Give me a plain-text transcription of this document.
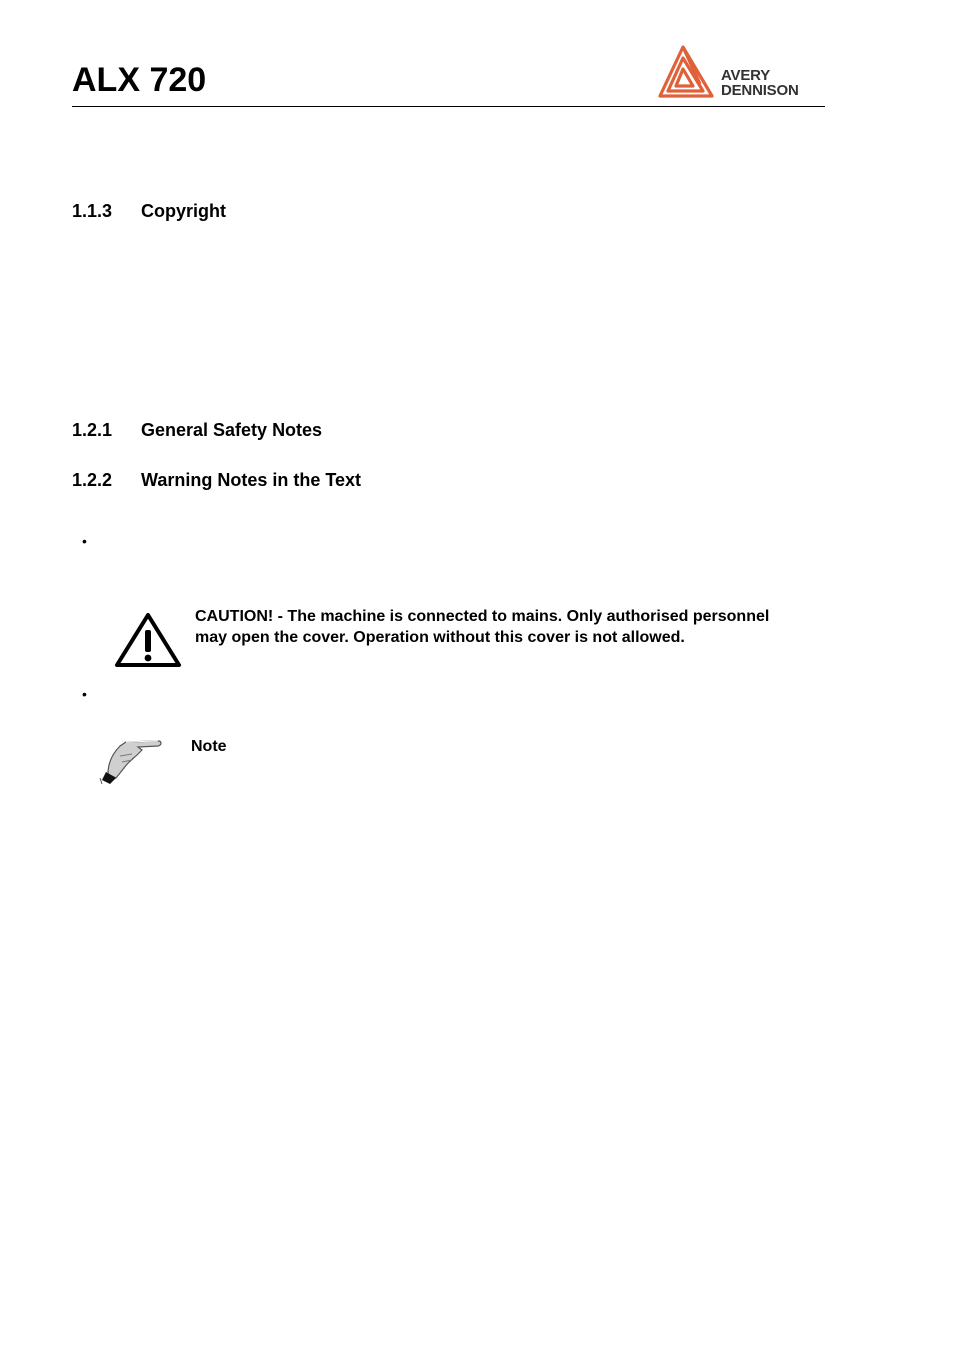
ALX 720	AVERY
DENNISON
1.1.3 Copyright
1.2.1 General Safety Notes
1.2.2 Warning Notes in the Text
•
•
CAUTION! - The machine is connected to mains. Only authorised personnel may open the cover. Operation without this cover is not allowed.
Note
